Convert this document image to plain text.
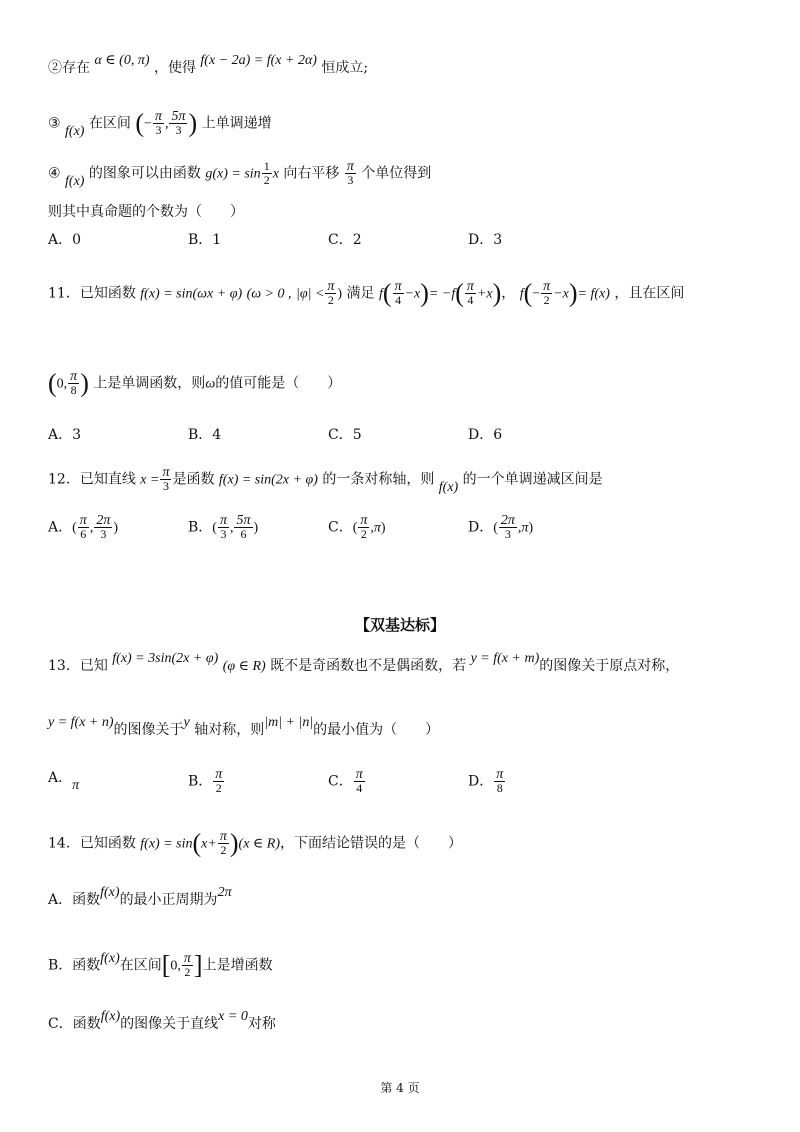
②存在 α ∈ (0, π) ，使得 f(x − 2a) = f(x + 2α) 恒成立;
③ f(x) 在区间 (− $\frac{\pi}{3}$ , $\frac{5\pi}{3}$ ) 上单调递增
④ f(x) 的图象可以由函数 $g(x) = \sin \frac{1}{2}$ x 向右平移 $\frac{\pi}{3}$ 个单位得到
则其中真命题的个数为（　　）
A．0	B．1	C．2	D．3
11．已知函数 f(x) = sin(ωx + φ) (ω > 0 , $|\varphi| < \frac{\pi}{2}$ ) 满足 $f( \frac{\pi}{4} -x)= -f( \frac{\pi}{4} +x)$， $f(- \frac{\pi}{2} -x)= f(x)$ ，且在区间
(0, $\frac{\pi}{8}$ ) 上是单调函数，则ω的值可能是（　　）
A．3	B．4	C．5	D．6
12．已知直线 $x = \frac{\pi}{3}$ 是函数 f(x) = sin(2x + φ) 的一条对称轴，则 f(x) 的一个单调递减区间是
A．( $\frac{\pi}{6}$ , $\frac{2\pi}{3}$ )	B．( $\frac{\pi}{3}$ , $\frac{5\pi}{6}$ )	C．( $\frac{\pi}{2} ,\pi$)	D．( $\frac{2\pi}{3} ,\pi$)
【双基达标】
13．已知 f(x) = 3sin(2x + φ) (φ ∈ R) 既不是奇函数也不是偶函数，若 y = f(x + m)的图像关于原点对称，
y = f(x + n)的图像关于y 轴对称，则|m| + |n|的最小值为（　　）
A．π	B． $\frac{\pi}{2}$	C． $\frac{\pi}{4}$	D． $\frac{\pi}{8}$
14．已知函数 $f(x) = \sin(x+ \frac{\pi}{2} )(x$ ∈ R)，下面结论错误的是（　　）
A．函数f(x)的最小正周期为2π
B．函数f(x)在区间[0, $\frac{\pi}{2}$ ]上是增函数
C．函数f(x)的图像关于直线x = 0对称
第 4 页
